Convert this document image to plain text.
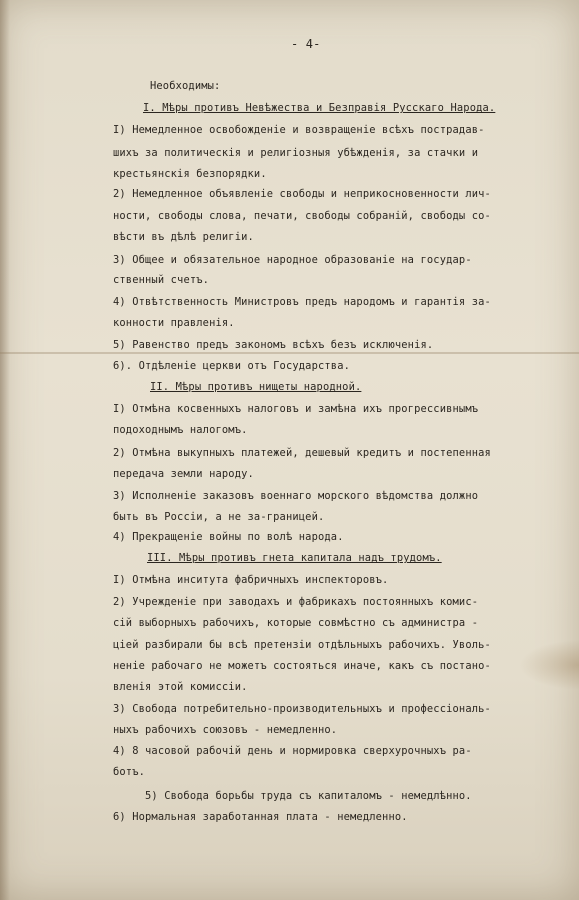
- 4-

Необходимы:

I. Мѣры противъ Невѣжества и Безправія Русскаго Народа.

I) Немедленное освобожденіе и возвращеніе всѣхъ пострадав-

шихъ за политическія и религіозныя убѣжденія, за стачки и

крестьянскія безпорядки.

2) Немедленное объявленіе свободы и неприкосновенности лич-

ности, свободы слова, печати, свободы собраній, свободы со-

вѣсти въ дѣлѣ религіи.

3) Общее и обязательное народное образованіе на государ-

ственный счетъ.

4) Отвѣтственность Министровъ предъ народомъ и гарантія за-

конности правленія.

5) Равенство предъ закономъ всѣхъ безъ исключенія.

6). Отдѣленіе церкви отъ Государства.

II. Мѣры противъ нищеты народной.

I) Отмѣна косвенныхъ налоговъ и замѣна ихъ прогрессивнымъ

подоходнымъ налогомъ.

2) Отмѣна выкупныхъ платежей, дешевый кредитъ и постепенная

передача земли народу.

3) Исполненіе заказовъ военнаго морского вѣдомства должно

быть въ Россіи, а не за-границей.

4) Прекращеніе войны по волѣ народа.

III. Мѣры противъ гнета капитала надъ трудомъ.

I) Отмѣна инситута фабричныхъ инспекторовъ.

2) Учрежденіе при заводахъ и фабрикахъ постоянныхъ комис-

сій выборныхъ рабочихъ, которые совмѣстно съ администра -

ціей разбирали бы всѣ претензіи отдѣльныхъ рабочихъ. Уволь-

неніе рабочаго не можетъ состояться иначе, какъ съ постано-

вленія этой комиссіи.

3) Свобода потребительно-производительныхъ и профессіональ-

ныхъ рабочихъ союзовъ - немедленно.

4) 8 часовой рабочій день и нормировка сверхурочныхъ ра-

ботъ.

5) Свобода борьбы труда съ капиталомъ - немедлѣнно.

6) Нормальная заработанная плата - немедленно.
